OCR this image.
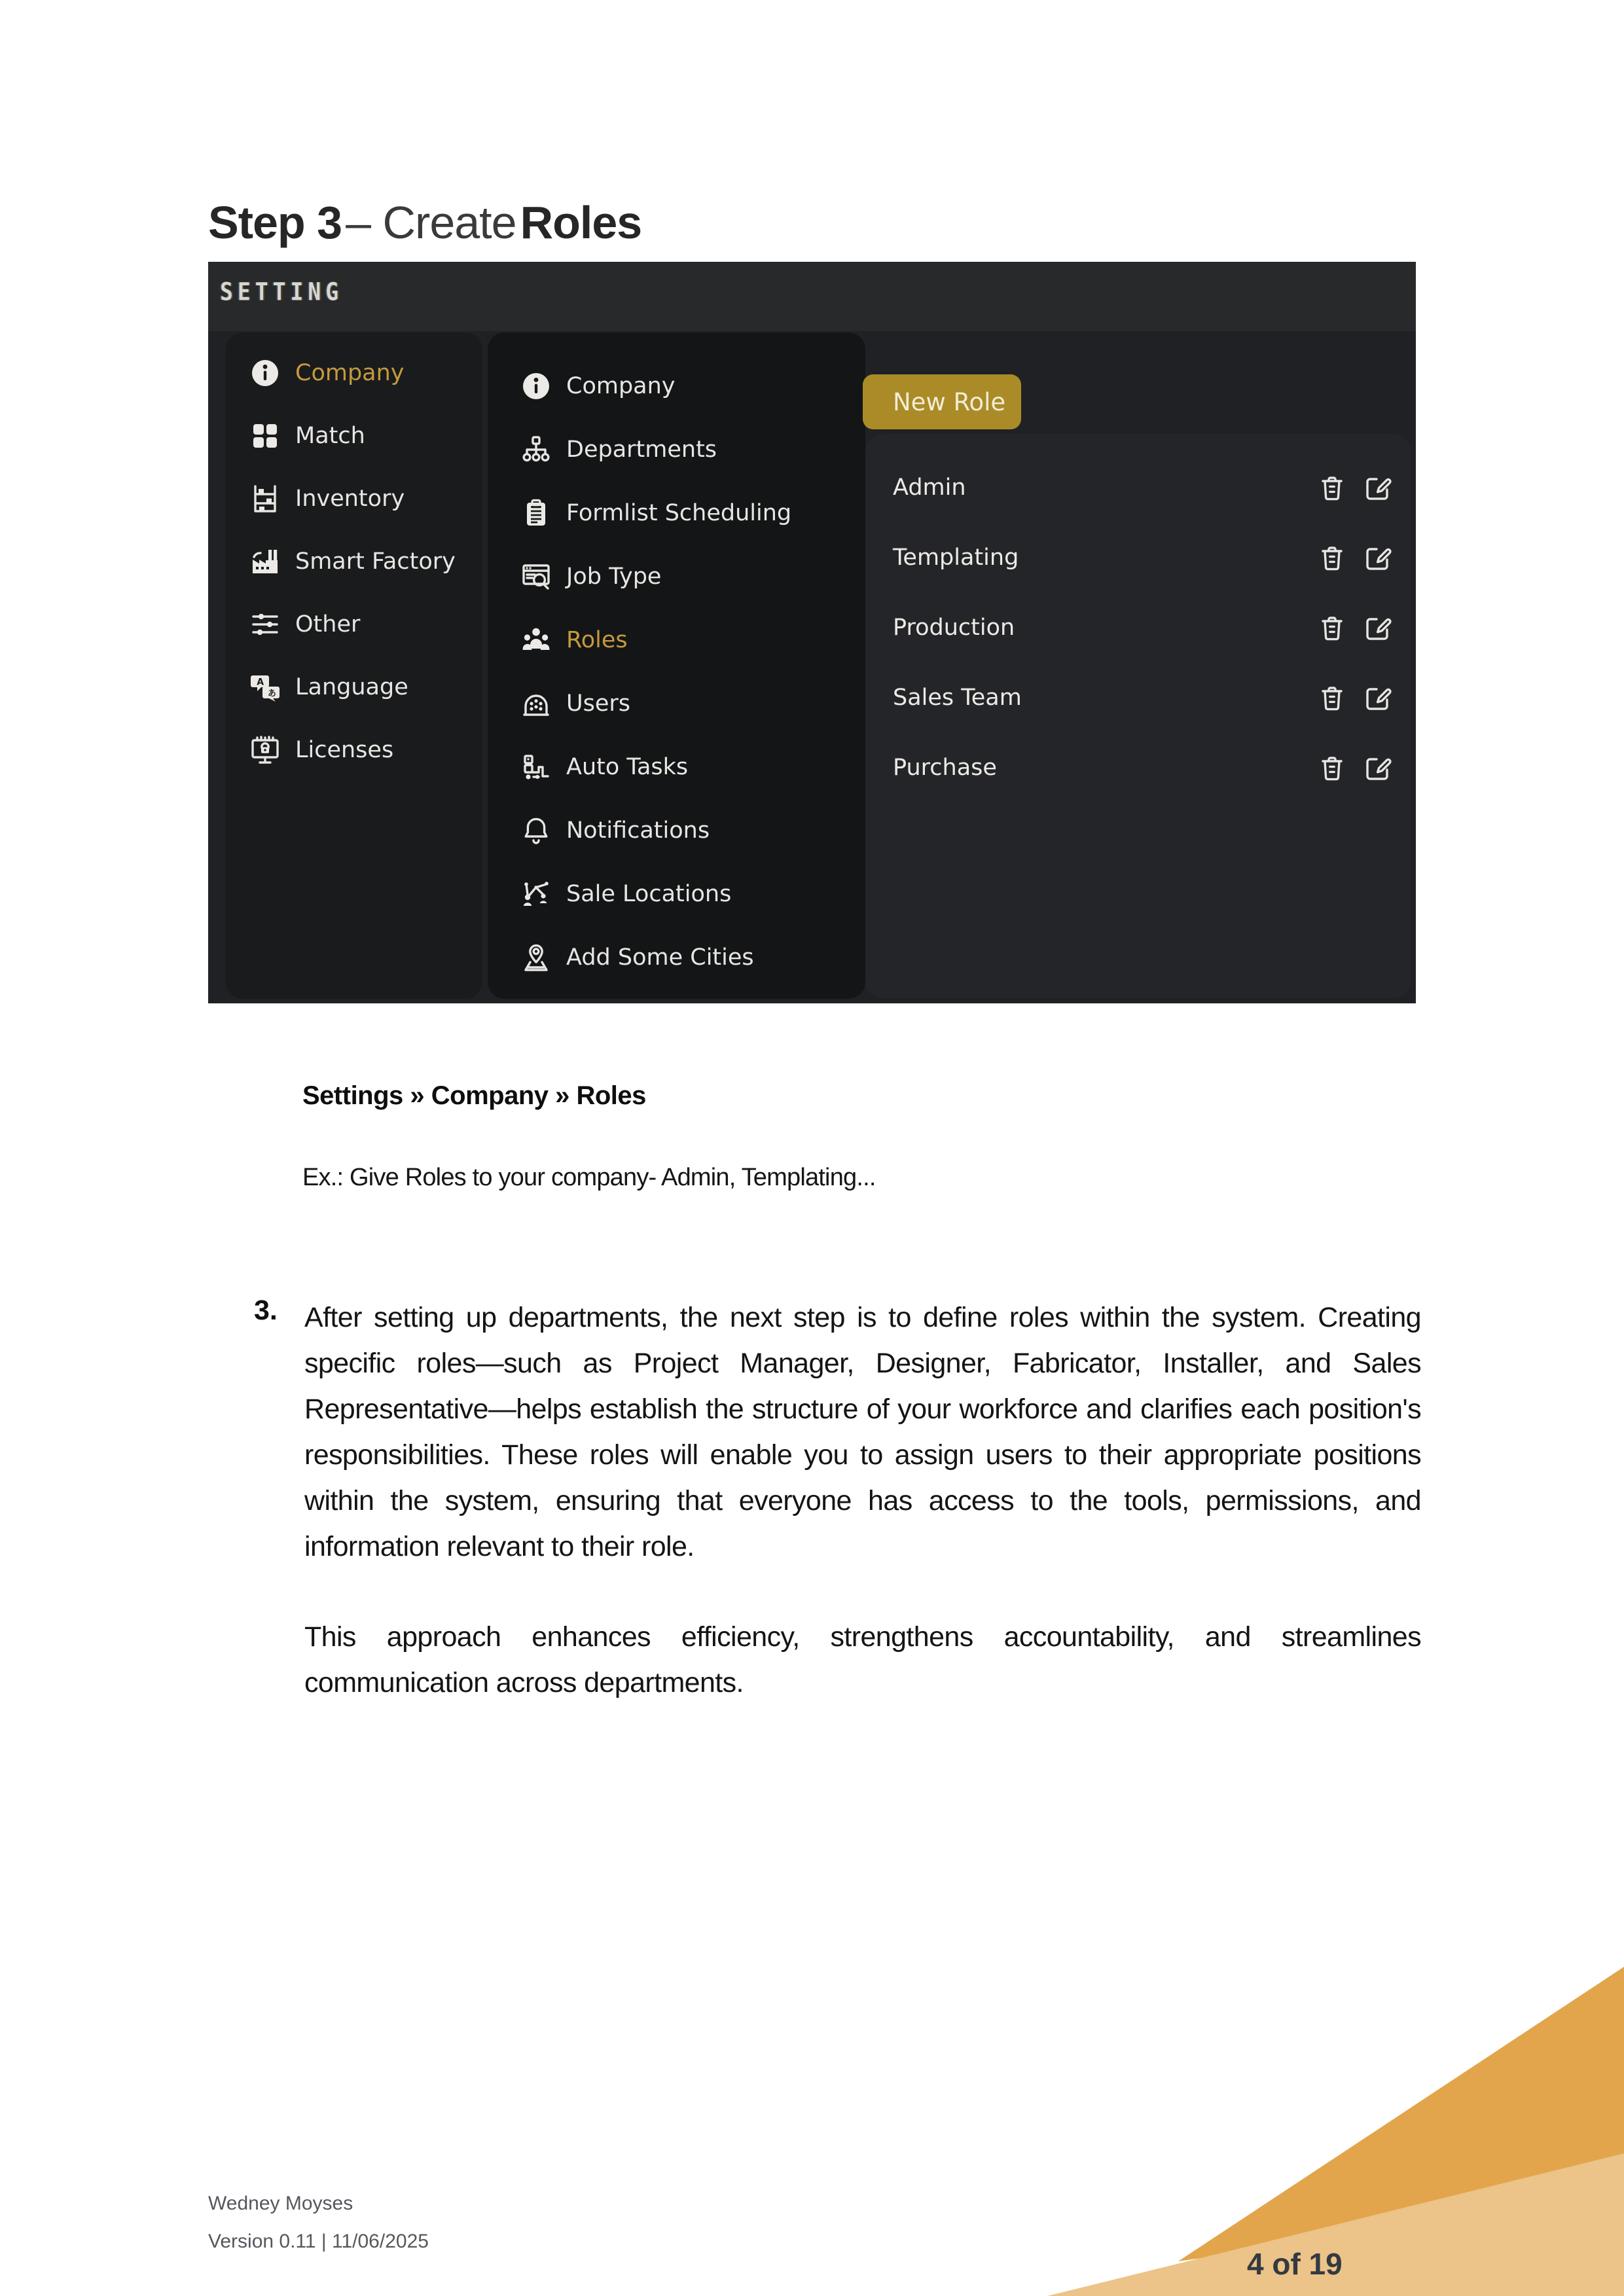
Step 3– CreateRoles
SETTING
Company
Match
Inventory
Smart Factory
Other
A
あ Language
Licenses
Company
Departments
Formlist Scheduling
Job Type
Roles
Users
Auto Tasks
Notifications
Sale Locations
Add Some Cities
New Role
Admin
Templating
Production
Sales Team
Purchase
Settings » Company » Roles
Ex.: Give Roles to your company- Admin, Templating...
3. After setting up departments, the next step is to define roles within the system. Creating specific roles—such as Project Manager, Designer, Fabricator, Installer, and Sales Representative—helps establish the structure of your workforce and clarifies each position's responsibilities. These roles will enable you to assign users to their appropriate positions within the system, ensuring that everyone has access to the tools, permissions, and information relevant to their role.

This approach enhances efficiency, strengthens accountability, and streamlines communication across departments.

Wedney Moyses
Version 0.11 | 11/06/2025
4 of 19
